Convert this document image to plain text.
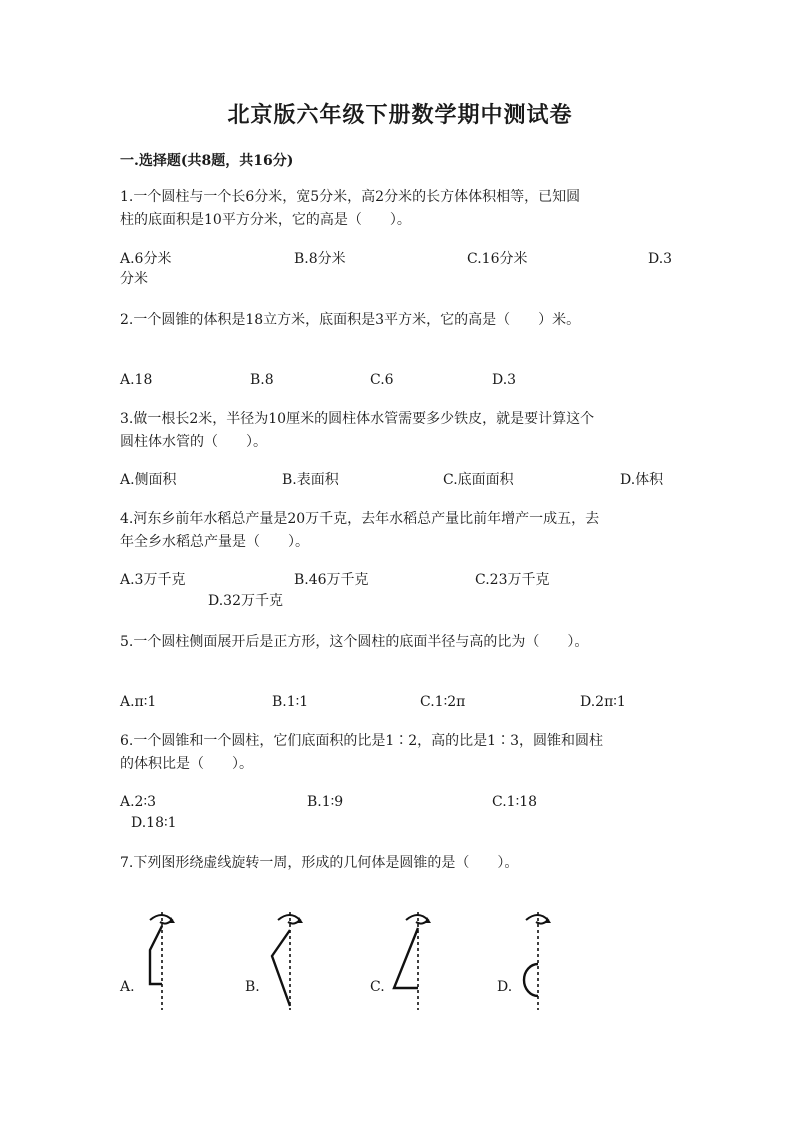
北京版六年级下册数学期中测试卷
一.选择题(共8题，共16分)
1.一个圆柱与一个长6分米，宽5分米，高2分米的长方体体积相等，已知圆
柱的底面积是10平方分米，它的高是（　　）。
A.6分米	B.8分米	C.16分米	D.3
分米
2.一个圆锥的体积是18立方米，底面积是3平方米，它的高是（　　）米。
A.18	B.8	C.6	D.3
3.做一根长2米，半径为10厘米的圆柱体水管需要多少铁皮，就是要计算这个
圆柱体水管的（　　）。
A.侧面积	B.表面积	C.底面面积	D.体积
4.河东乡前年水稻总产量是20万千克，去年水稻总产量比前年增产一成五，去
年全乡水稻总产量是（　　）。
A.3万千克	B.46万千克	C.23万千克
D.32万千克
5.一个圆柱侧面展开后是正方形，这个圆柱的底面半径与高的比为（　　）。
A.π∶1	B.1∶1	C.1∶2π	D.2π∶1
6.一个圆锥和一个圆柱，它们底面积的比是1∶2，高的比是1∶3，圆锥和圆柱
的体积比是（　　）。
A.2∶3	B.1∶9	C.1∶18
D.18∶1
7.下列图形绕虚线旋转一周，形成的几何体是圆锥的是（　　）。
A.	B.	C.	D.
